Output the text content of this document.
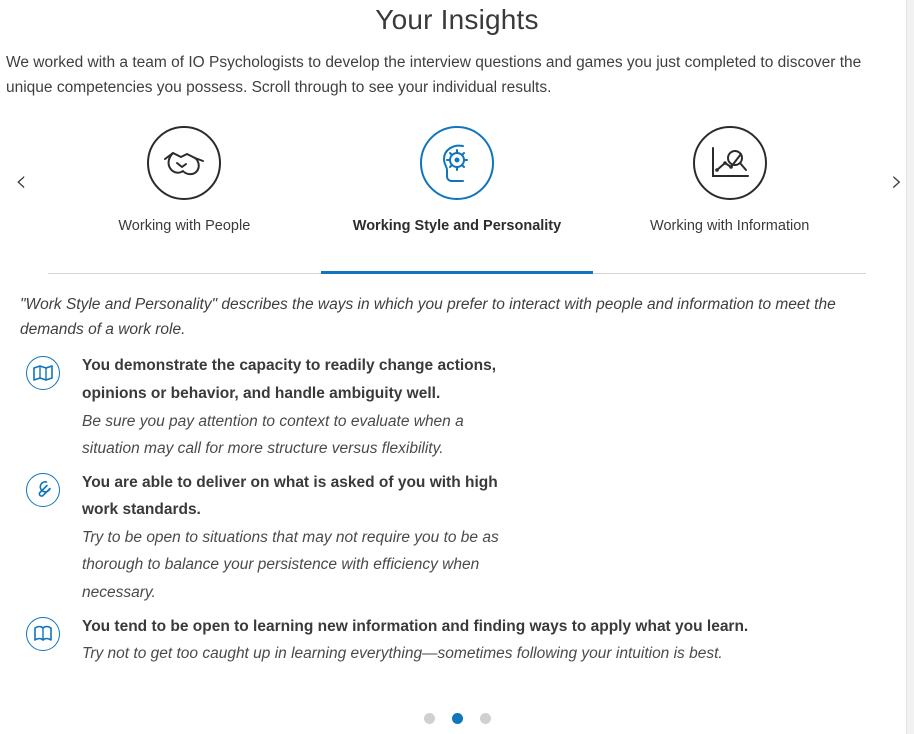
Your Insights

We worked with a team of IO Psychologists to develop the interview questions and games you just completed to discover the unique competencies you possess. Scroll through to see your individual results.

‹	›
Working with People	Working Style and Personality	Working with Information

"Work Style and Personality" describes the ways in which you prefer to interact with people and information to meet the demands of a work role.

You demonstrate the capacity to readily change actions, opinions or behavior, and handle ambiguity well.
Be sure you pay attention to context to evaluate when a situation may call for more structure versus flexibility.
You are able to deliver on what is asked of you with high work standards.
Try to be open to situations that may not require you to be as thorough to balance your persistence with efficiency when necessary.
You tend to be open to learning new information and finding ways to apply what you learn.
Try not to get too caught up in learning everything—sometimes following your intuition is best.
